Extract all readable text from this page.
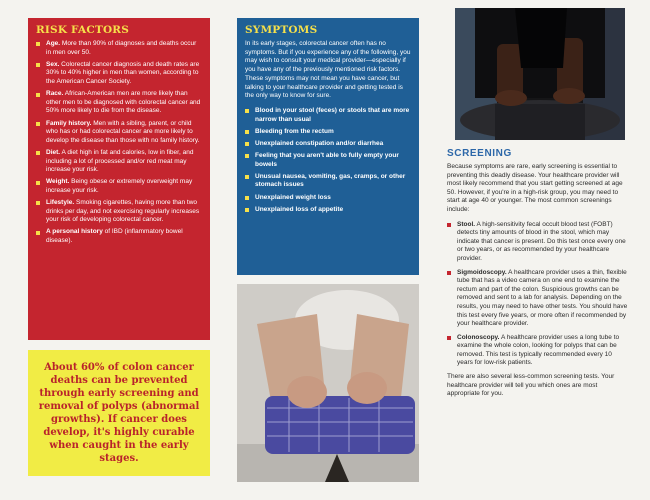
RISK FACTORS
Age. More than 90% of diagnoses and deaths occur in men over 50.
Sex. Colorectal cancer diagnosis and death rates are 30% to 40% higher in men than women, according to the American Cancer Society.
Race. African-American men are more likely than other men to be diagnosed with colorectal cancer and 50% more likely to die from the disease.
Family history. Men with a sibling, parent, or child who has or had colorectal cancer are more likely to develop the disease than those with no family history.
Diet. A diet high in fat and calories, low in fiber, and including a lot of processed and/or red meat may increase your risk.
Weight. Being obese or extremely overweight may increase your risk.
Lifestyle. Smoking cigarettes, having more than two drinks per day, and not exercising regularly increases your risk of developing colorectal cancer.
A personal history of IBD (inflammatory bowel disease).

About 60% of colon cancer deaths can be prevented through early screening and removal of polyps (abnormal growths). If cancer does develop, it's highly curable when caught in the early stages.

SYMPTOMS

In its early stages, colorectal cancer often has no symptoms. But if you experience any of the following, you may wish to consult your medical provider—especially if you have any of the previously mentioned risk factors. These symptoms may not mean you have cancer, but talking to your healthcare provider and getting tested is the only way to know for sure.

Blood in your stool (feces) or stools that are more narrow than usual
Bleeding from the rectum
Unexplained constipation and/or diarrhea
Feeling that you aren't able to fully empty your bowels
Unusual nausea, vomiting, gas, cramps, or other stomach issues
Unexplained weight loss
Unexplained loss of appetite
SCREENING

Because symptoms are rare, early screening is essential to preventing this deadly disease. Your healthcare provider will most likely recommend that you start getting screened at age 50. However, if you're in a high-risk group, you may need to start at age 40 or younger. The most common screenings include:

Stool. A high-sensitivity fecal occult blood test (FOBT) detects tiny amounts of blood in the stool, which may indicate that cancer is present. Do this test once every one or two years, or as recommended by your healthcare provider.
Sigmoidoscopy. A healthcare provider uses a thin, flexible tube that has a video camera on one end to examine the rectum and part of the colon. Suspicious growths can be removed and sent to a lab for analysis. Depending on the results, you may need to have other tests. You should have this test every five years, or more often if recommended by your healthcare provider.
Colonoscopy. A healthcare provider uses a long tube to examine the whole colon, looking for polyps that can be removed. This test is typically recommended every 10 years for low-risk patients.

There are also several less-common screening tests. Your healthcare provider will tell you which ones are most appropriate for you.
